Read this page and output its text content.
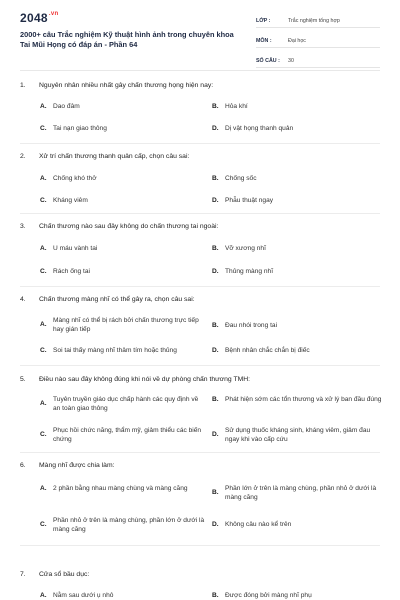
$2048^{.vn}$
2000+ câu Trắc nghiệm Kỹ thuật hình ảnh trong chuyên khoa Tai Mũi Họng có đáp án - Phần 64
LỚP :	Trắc nghiệm tổng hợp
MÔN :	Đại học
SỐ CÂU :	30
1. Nguyên nhân nhiều nhất gây chấn thương họng hiện nay:
A. Dao đâm	B. Hỏa khí
C. Tai nạn giao thông	D. Dị vật họng thanh quản
2. Xử trí chấn thương thanh quản cấp, chọn câu sai:
A. Chống khó thở	B. Chống sốc
C. Kháng viêm	D. Phẫu thuật ngay
3. Chấn thương nào sau đây không do chấn thương tai ngoài:
A. U máu vành tai	B. Vỡ xương nhĩ
C. Rách ống tai	D. Thủng màng nhĩ
4. Chấn thương màng nhĩ có thể gây ra, chọn câu sai:
A.
Màng nhĩ có thể bị rách bởi chấn thương trực tiếp hay gián tiếp	B. Đau nhói trong tai
C. Soi tai thấy màng nhĩ thâm tím hoặc thủng	D. Bệnh nhân chắc chắn bị điếc
5. Điều nào sau đây không đúng khi nói về dự phòng chấn thương TMH:
A.
Tuyên truyền giáo dục chấp hành các quy định về an toàn giao thông
B. Phát hiện sớm các tổn thương và xử lý ban đầu đúng
C.
Phục hồi chức năng, thẩm mỹ, giảm thiểu các biến chứng
D.
Sử dụng thuốc kháng sinh, kháng viêm, giảm đau ngay khi vào cấp cứu
6. Màng nhĩ được chia làm:
A. 2 phần bằng nhau màng chùng và màng căng
B.
Phần lớn ở trên là màng chùng, phần nhỏ ở dưới là màng căng
C.
Phần nhỏ ở trên là màng chùng, phần lớn ở dưới là màng căng
D. Không câu nào kể trên
7. Cửa sổ bầu dục:
A. Nằm sau dưới ụ nhô	B. Được đóng bởi màng nhĩ phụ
